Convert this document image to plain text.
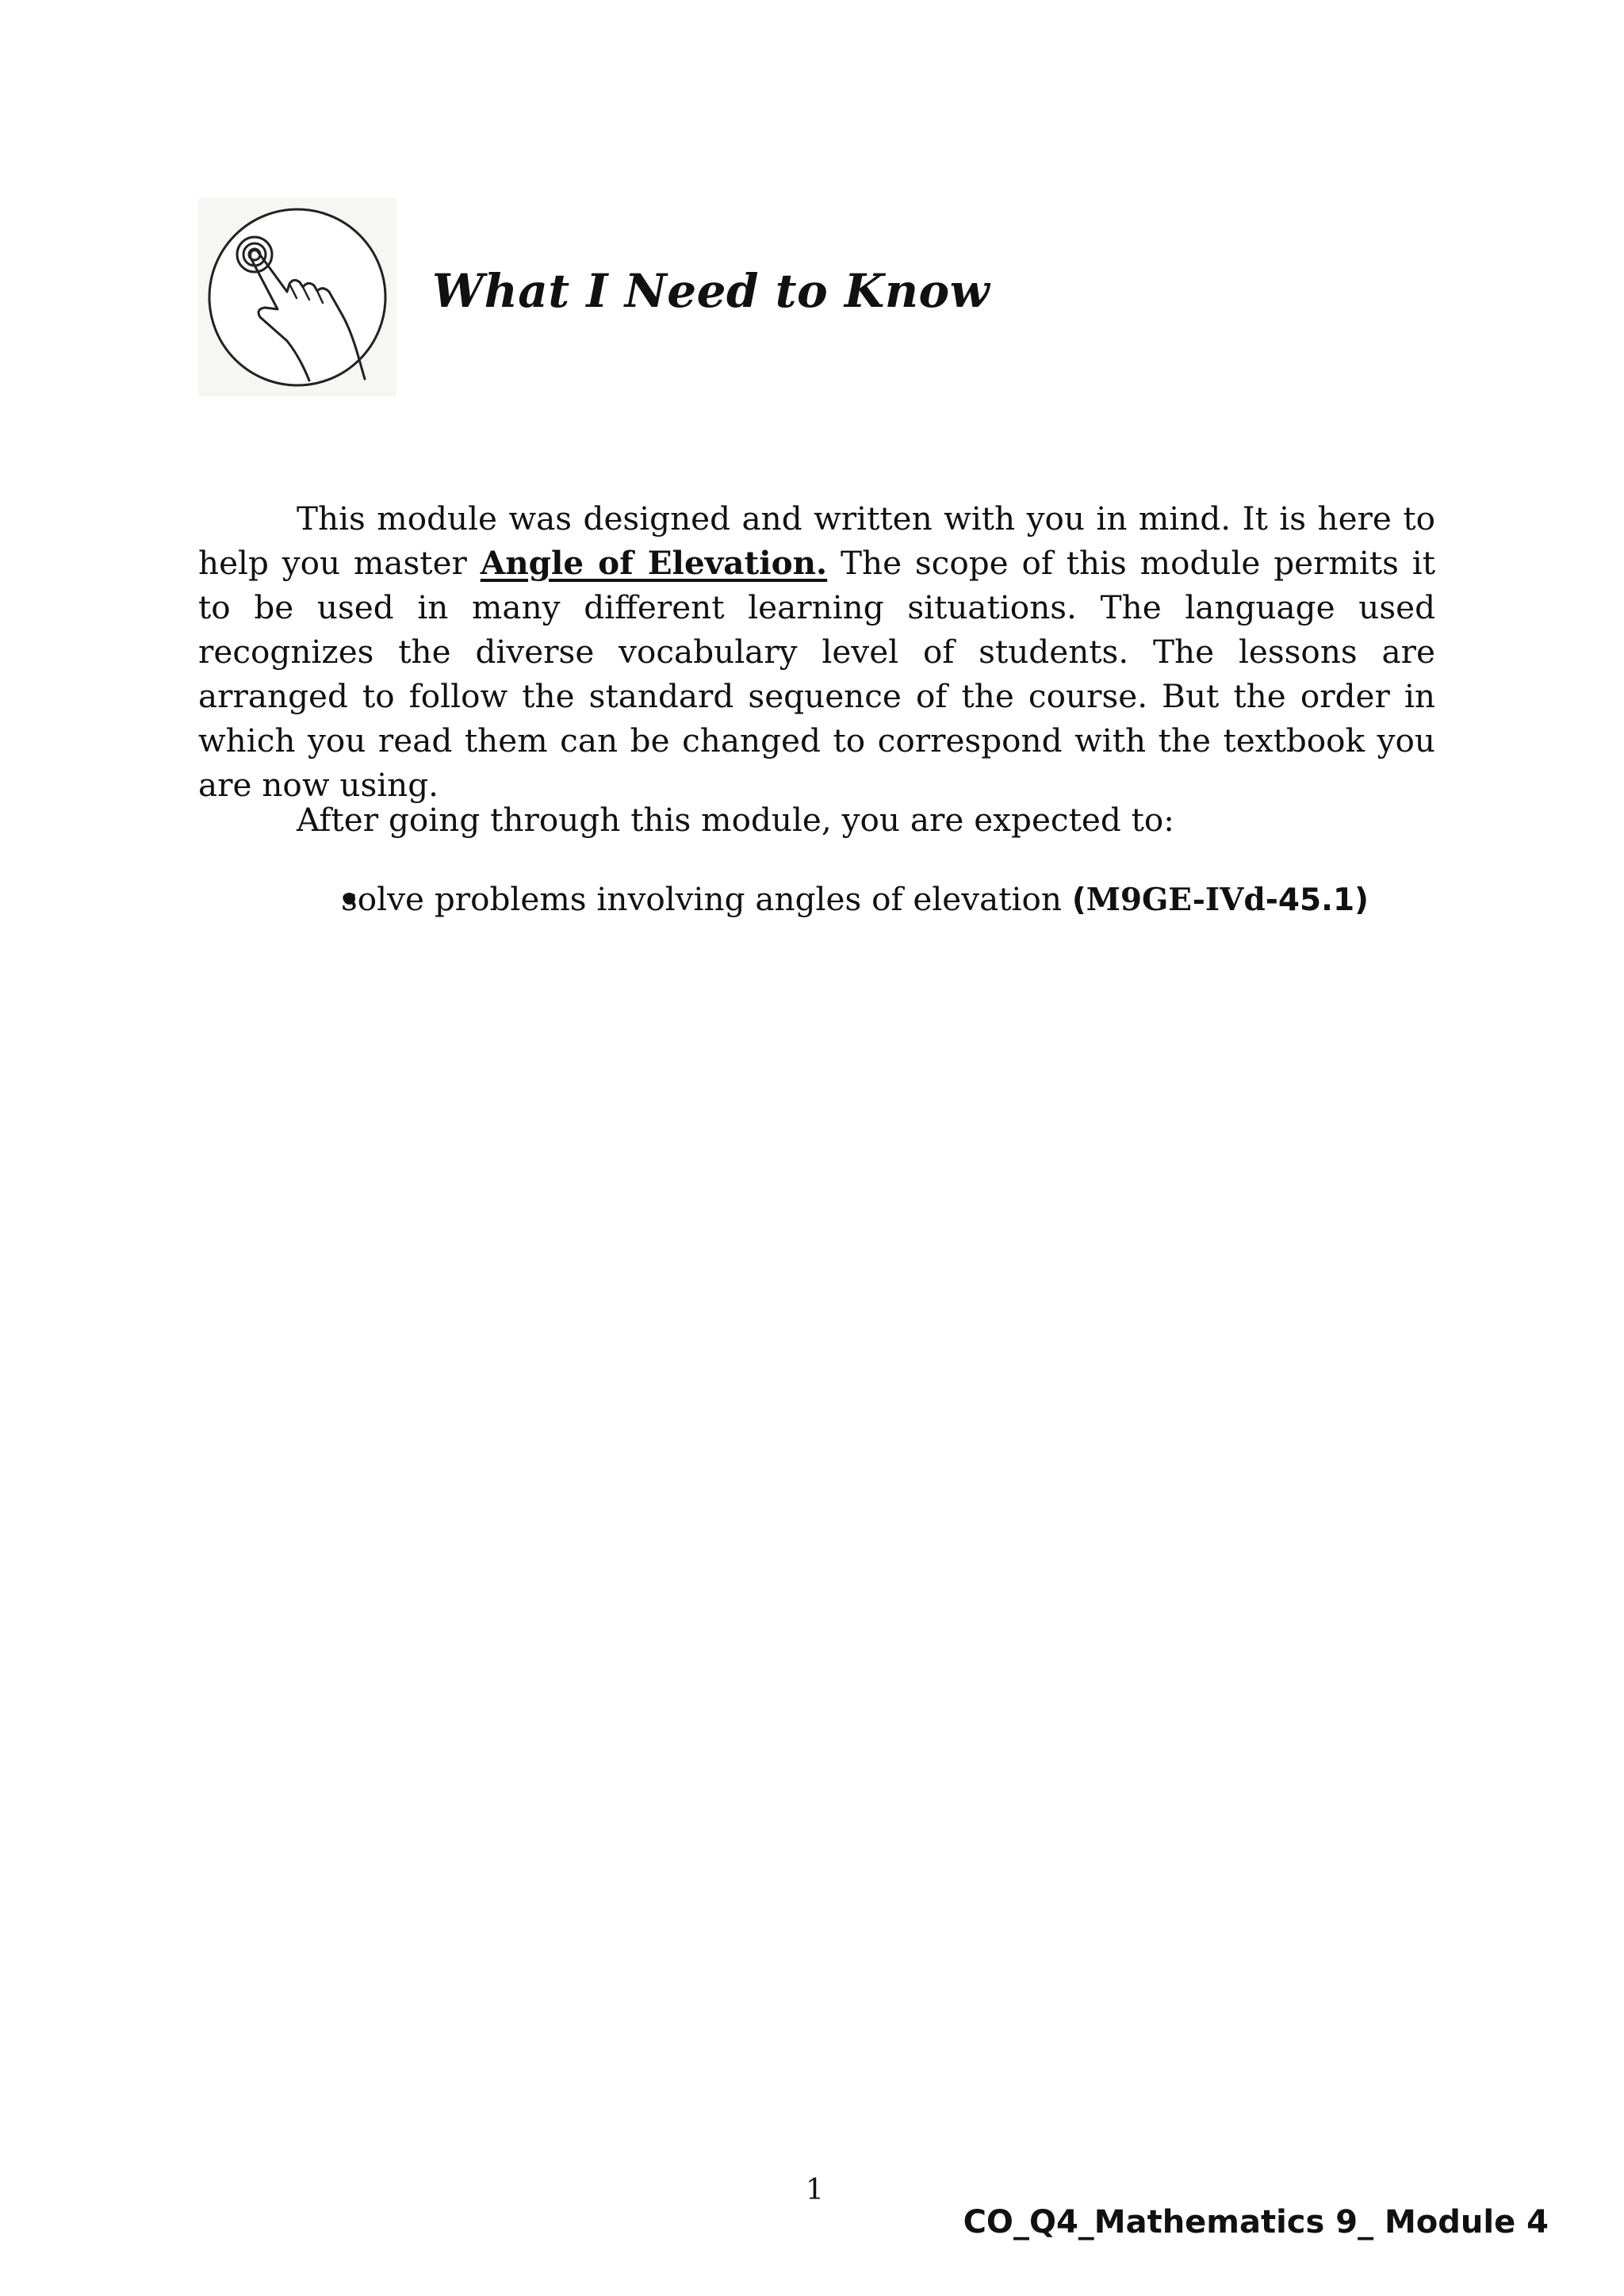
What I Need to Know

This module was designed and written with you in mind. It is here to help you master Angle of Elevation. The scope of this module permits it to be used in many different learning situations. The language used recognizes the diverse vocabulary level of students. The lessons are arranged to follow the standard sequence of the course. But the order in which you read them can be changed to correspond with the textbook you are now using.

After going through this module, you are expected to:

solve problems involving angles of elevation (M9GE-IVd-45.1)

1

CO_Q4_Mathematics 9_ Module 4
